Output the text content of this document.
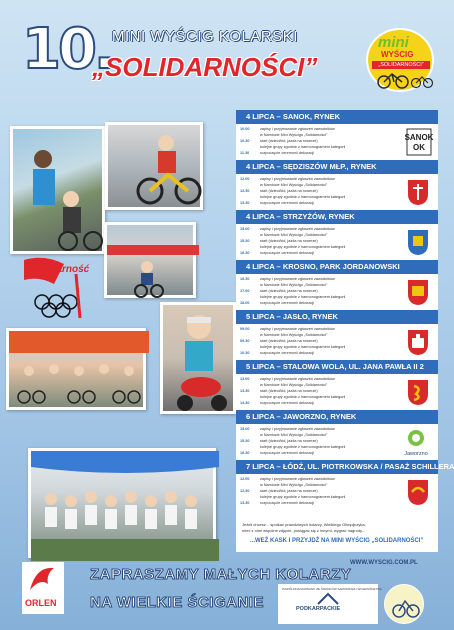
10. MINI WYŚCIG KOLARSKI
„SOLIDARNOŚCI”
mini
WYŚCIG
„SOLIDARNOŚCI”
Solidarność
4 LIPCA – SANOK, RYNEK
10.00	zapisy i przyjmowanie zgłoszeń zawodników
w Namiocie Mini Wyścigu „Solidarności”
10.30	start (dzieci/kid, jazda na rowerze)
kolejne grupy zgodnie z harmonogramem kategorii
11.30	rozpoczęcie ceremonii dekoracji
SANOK
OK
4 LIPCA – SĘDZISZÓW MŁP., RYNEK
12.00	zapisy i przyjmowanie zgłoszeń zawodników
w Namiocie Mini Wyścigu „Solidarności”
12.30	start (dzieci/kid, jazda na rowerze)
kolejne grupy zgodnie z harmonogramem kategorii
13.30	rozpoczęcie ceremonii dekoracji
4 LIPCA – STRZYŻÓW, RYNEK
15.00	zapisy i przyjmowanie zgłoszeń zawodników
w Namiocie Mini Wyścigu „Solidarności”
15.30	start (dzieci/kid, jazda na rowerze)
kolejne grupy zgodnie z harmonogramem kategorii
16.30	rozpoczęcie ceremonii dekoracji
4 LIPCA – KROSNO, PARK JORDANOWSKI
16.30	zapisy i przyjmowanie zgłoszeń zawodników
w Namiocie Mini Wyścigu „Solidarności”
17.00	start (dzieci/kid, jazda na rowerze)
kolejne grupy zgodnie z harmonogramem kategorii
18.00	rozpoczęcie ceremonii dekoracji
5 LIPCA – JASŁO, RYNEK
09.00	zapisy i przyjmowanie zgłoszeń zawodników
w Namiocie Mini Wyścigu „Solidarności”
09.30	start (dzieci/kid, jazda na rowerze)
kolejne grupy zgodnie z harmonogramem kategorii
10.30	rozpoczęcie ceremonii dekoracji
5 LIPCA – STALOWA WOLA, UL. JANA PAWŁA II 2
13.00	zapisy i przyjmowanie zgłoszeń zawodników
w Namiocie Mini Wyścigu „Solidarności”
13.30	start (dzieci/kid, jazda na rowerze)
kolejne grupy zgodnie z harmonogramem kategorii
14.30	rozpoczęcie ceremonii dekoracji
6 LIPCA – JAWORZNO, RYNEK
15.00	zapisy i przyjmowanie zgłoszeń zawodników
w Namiocie Mini Wyścigu „Solidarności”
15.30	start (dzieci/kid, jazda na rowerze)
kolejne grupy zgodnie z harmonogramem kategorii
16.30	rozpoczęcie ceremonii dekoracji	Jaworzno
7 LIPCA – ŁÓDŹ, UL. PIOTRKOWSKA / PASAŻ SCHILLERA
12.00	zapisy i przyjmowanie zgłoszeń zawodników
w Namiocie Mini Wyścigu „Solidarności”
12.30	start (dzieci/kid, jazda na rowerze)
kolejne grupy zgodnie z harmonogramem kategorii
13.30	rozpoczęcie ceremonii dekoracji
Jeżeli chcesz... spotkać prawdziwych kolarzy, Wielkiego Olimpijczyka,
mieć z nimi wspólne zdjęcie, posiągać się z innymi, wygrać nagrody...
...WEŹ KASK I PRZYJDŹ NA MINI WYŚCIG „SOLIDARNOŚCI”
ORLEN
ZAPRASZAMY MAŁYCH KOLARZY
NA WIELKIE ŚCIGANIE
WWW.WYSCIG.COM.PL
WSPÓŁFINANSOWANO ZE ŚRODKÓW SAMORZĄDU WOJEWÓDZTWA
PODKARPACKIE
